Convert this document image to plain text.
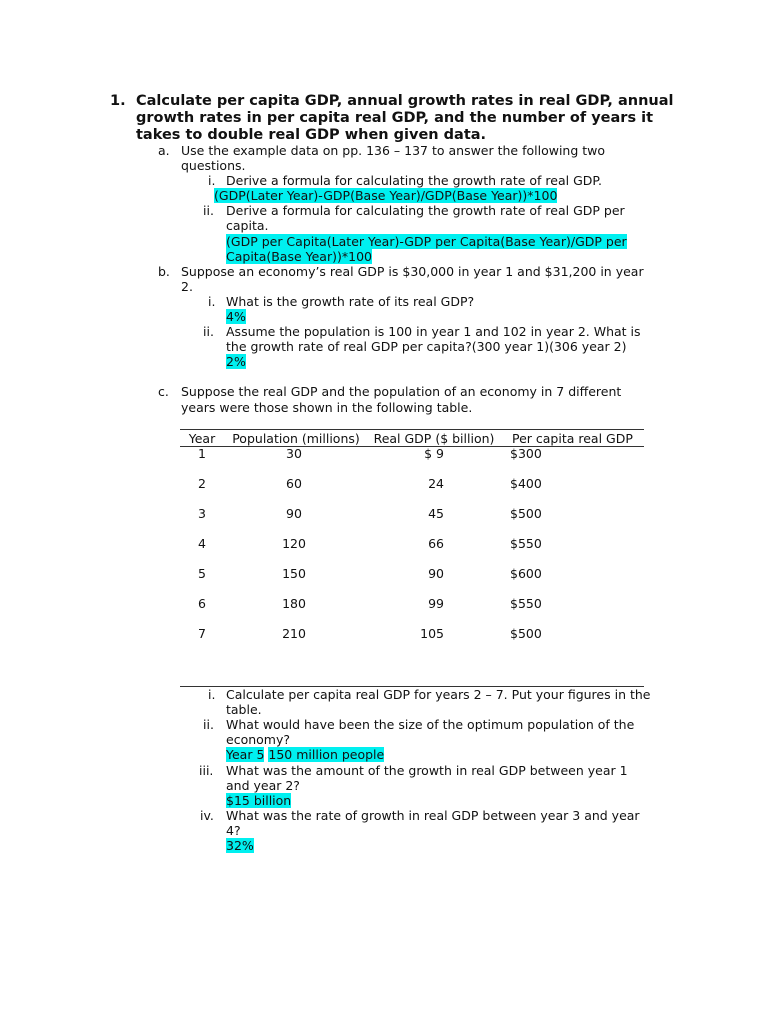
1. Calculate per capita GDP, annual growth rates in real GDP, annual
growth rates in per capita real GDP, and the number of years it
takes to double real GDP when given data.
a. Use the example data on pp. 136 – 137 to answer the following two
questions.
i. Derive a formula for calculating the growth rate of real GDP.
(GDP(Later Year)-GDP(Base Year)/GDP(Base Year))*100
ii. Derive a formula for calculating the growth rate of real GDP per
capita.
(GDP per Capita(Later Year)-GDP per Capita(Base Year)/GDP per
Capita(Base Year))*100
b. Suppose an economy’s real GDP is $30,000 in year 1 and $31,200 in year
2.
i. What is the growth rate of its real GDP?
4%
ii. Assume the population is 100 in year 1 and 102 in year 2. What is
the growth rate of real GDP per capita?(300 year 1)(306 year 2)
2%
c. Suppose the real GDP and the population of an economy in 7 different
years were those shown in the following table.
Year	Population (millions)	Real GDP ($ billion)	Per capita real GDP
1	30	$ 9	$300
2	60	24	$400
3	90	45	$500
4	120	66	$550
5	150	90	$600
6	180	99	$550
7	210	105	$500
i. Calculate per capita real GDP for years 2 – 7. Put your figures in the
table.
ii. What would have been the size of the optimum population of the
economy?
Year 5 150 million people
iii. What was the amount of the growth in real GDP between year 1
and year 2?
$15 billion
iv. What was the rate of growth in real GDP between year 3 and year
4?
32%
